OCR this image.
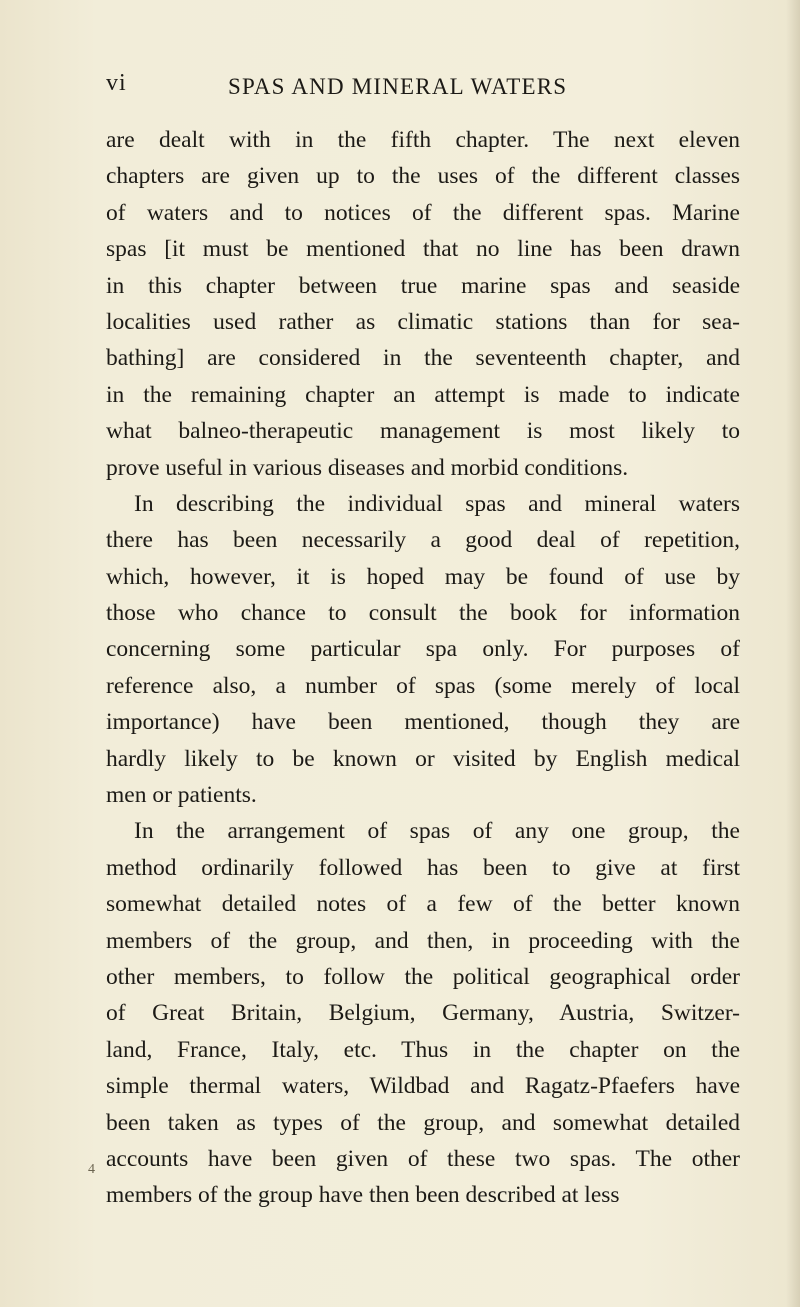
vi	SPAS AND MINERAL WATERS
4
are dealt with in the fifth chapter. The next eleven
chapters are given up to the uses of the different classes
of waters and to notices of the different spas. Marine
spas [it must be mentioned that no line has been drawn
in this chapter between true marine spas and seaside
localities used rather as climatic stations than for sea-
bathing] are considered in the seventeenth chapter, and
in the remaining chapter an attempt is made to indicate
what balneo-therapeutic management is most likely to
prove useful in various diseases and morbid conditions.
In describing the individual spas and mineral waters
there has been necessarily a good deal of repetition,
which, however, it is hoped may be found of use by
those who chance to consult the book for information
concerning some particular spa only. For purposes of
reference also, a number of spas (some merely of local
importance) have been mentioned, though they are
hardly likely to be known or visited by English medical
men or patients.
In the arrangement of spas of any one group, the
method ordinarily followed has been to give at first
somewhat detailed notes of a few of the better known
members of the group, and then, in proceeding with the
other members, to follow the political geographical order
of Great Britain, Belgium, Germany, Austria, Switzer-
land, France, Italy, etc. Thus in the chapter on the
simple thermal waters, Wildbad and Ragatz-Pfaefers have
been taken as types of the group, and somewhat detailed
accounts have been given of these two spas. The other
members of the group have then been described at less
